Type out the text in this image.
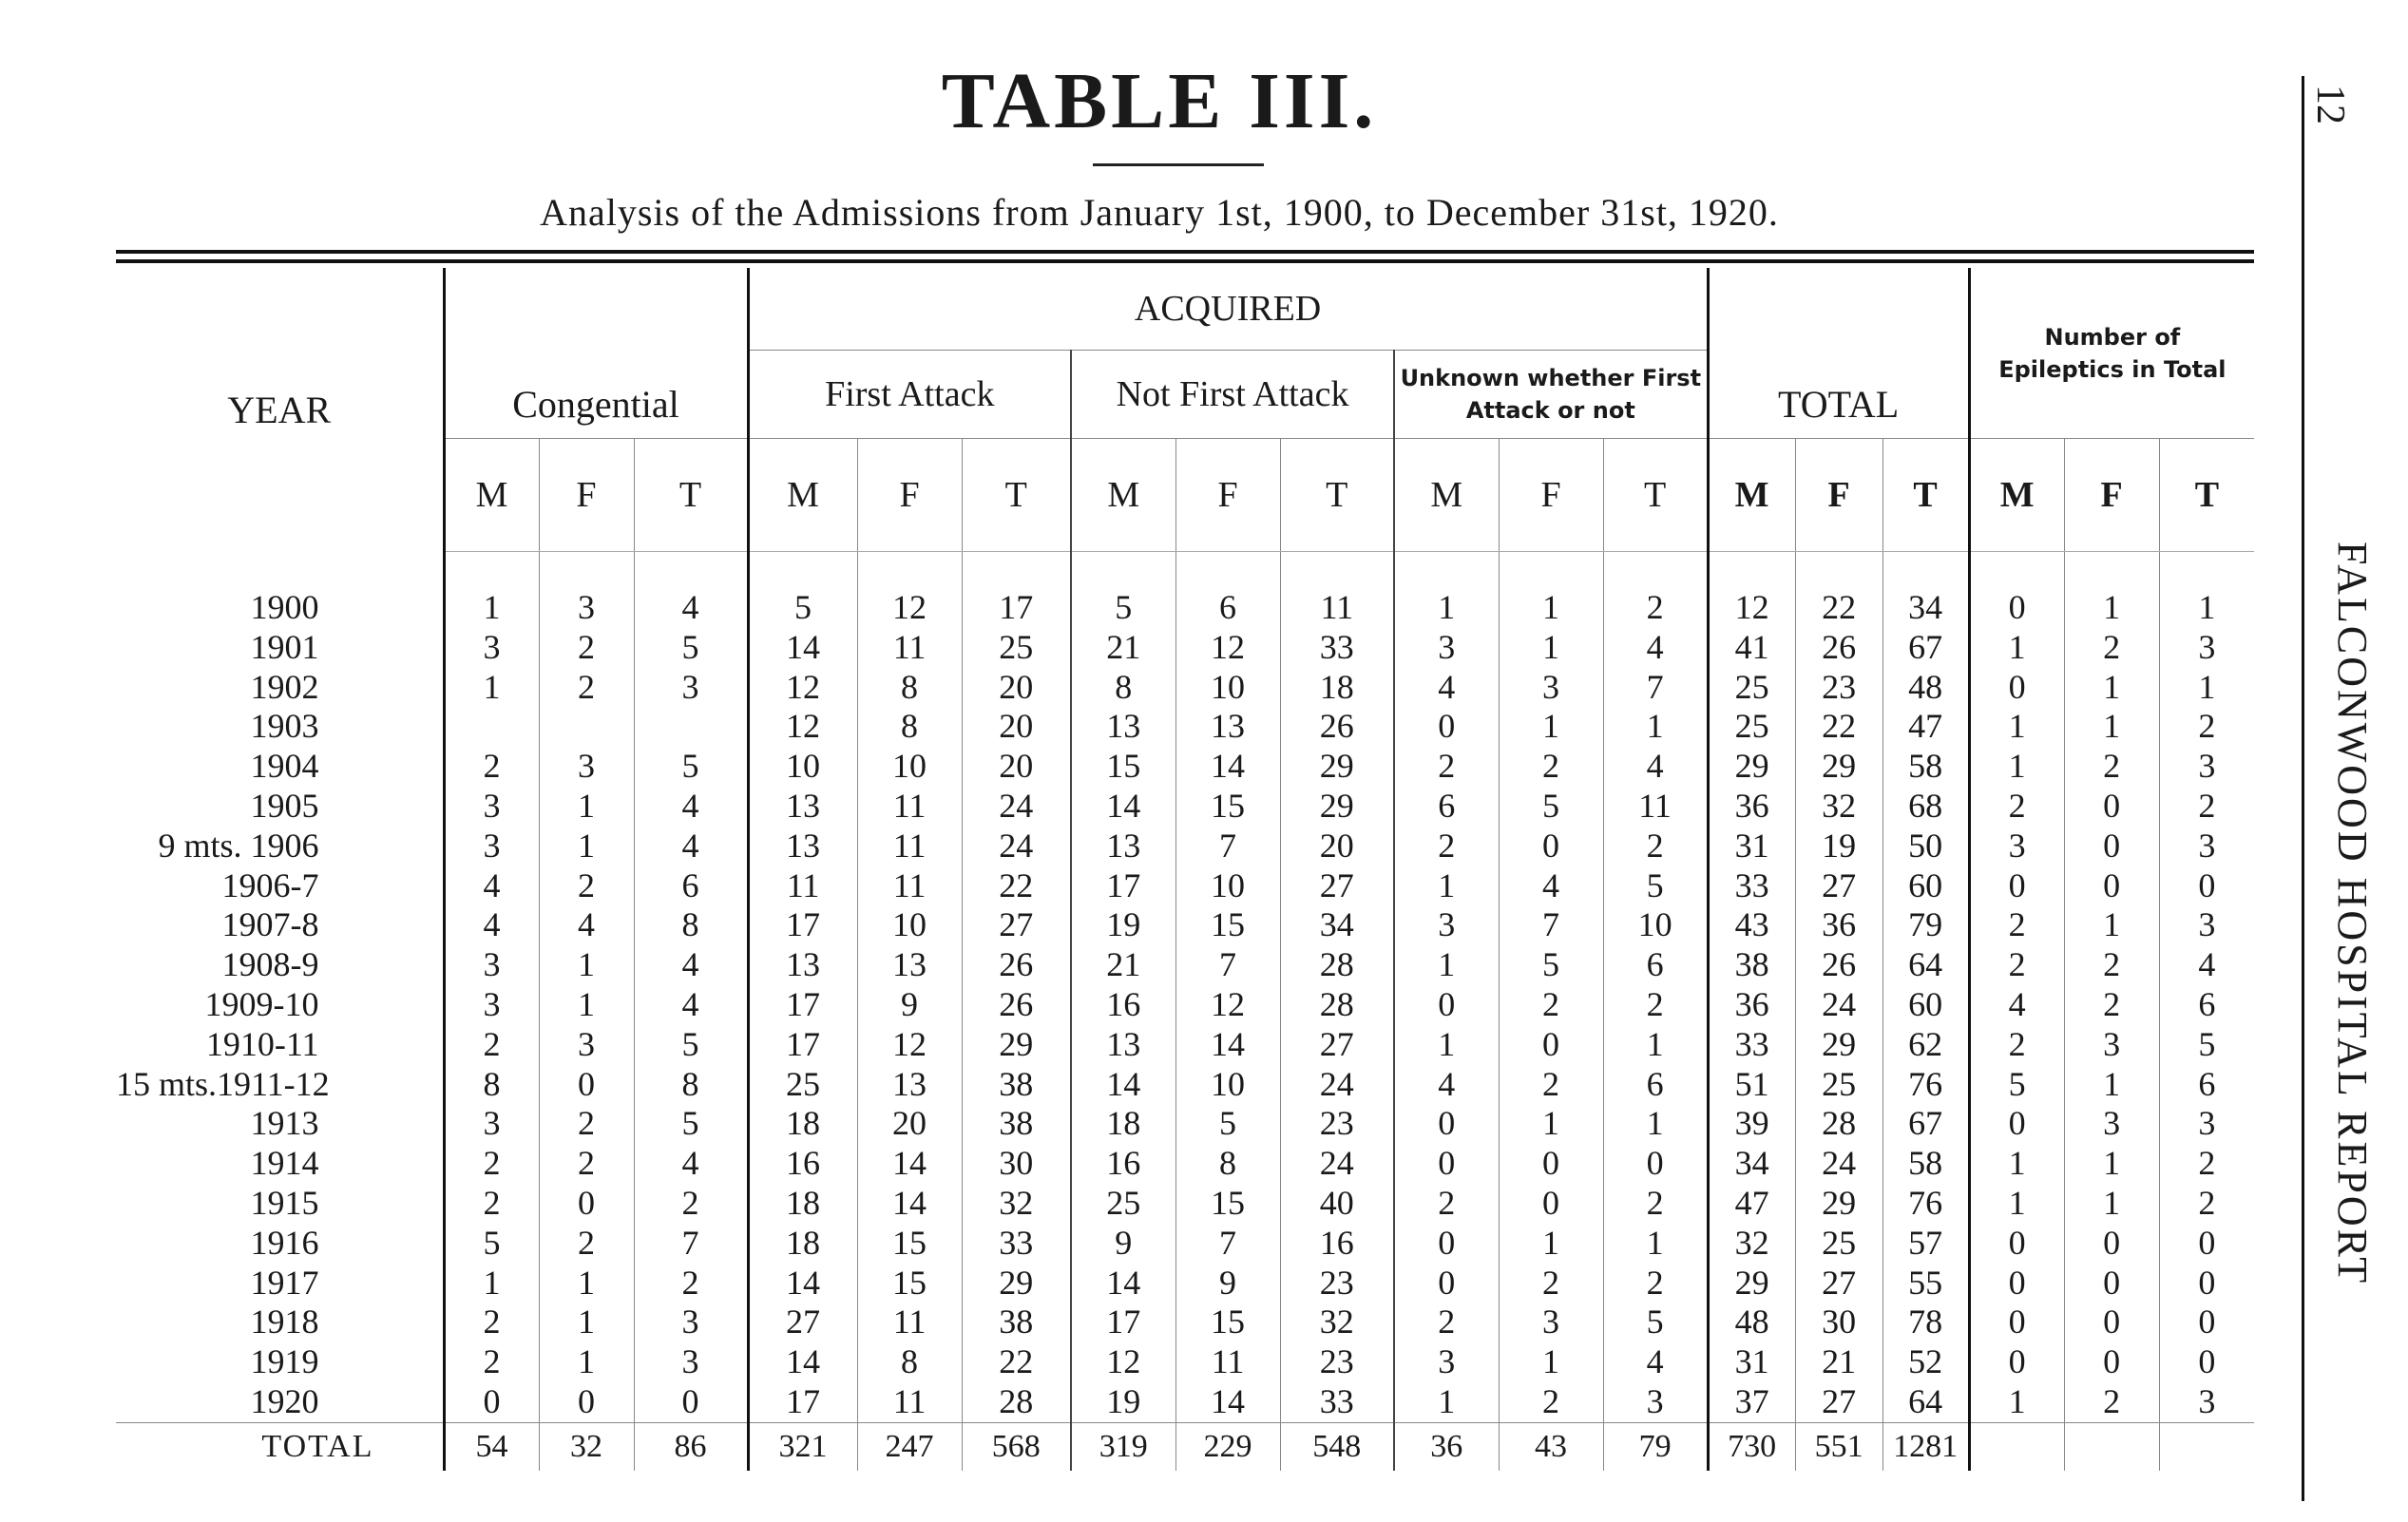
TABLE III.
Analysis of the Admissions from January 1st, 1900, to December 31st, 1920.
YEAR	Congential			ACQUIRED									TOTAL			Number of
Epileptics in Total		
				First Attack			Not First Attack			Unknown whether First
Attack or not								
	M	F	T	M	F	T	M	F	T	M	F	T	M	F	T	M	F	T
1900	1	3	4	5	12	17	5	6	11	1	1	2	12	22	34	0	1	1
1901	3	2	5	14	11	25	21	12	33	3	1	4	41	26	67	1	2	3
1902	1	2	3	12	8	20	8	10	18	4	3	7	25	23	48	0	1	1
1903				12	8	20	13	13	26	0	1	1	25	22	47	1	1	2
1904	2	3	5	10	10	20	15	14	29	2	2	4	29	29	58	1	2	3
1905	3	1	4	13	11	24	14	15	29	6	5	11	36	32	68	2	0	2
9 mts. 1906	3	1	4	13	11	24	13	7	20	2	0	2	31	19	50	3	0	3
1906-7	4	2	6	11	11	22	17	10	27	1	4	5	33	27	60	0	0	0
1907-8	4	4	8	17	10	27	19	15	34	3	7	10	43	36	79	2	1	3
1908-9	3	1	4	13	13	26	21	7	28	1	5	6	38	26	64	2	2	4
1909-10	3	1	4	17	9	26	16	12	28	0	2	2	36	24	60	4	2	6
1910-11	2	3	5	17	12	29	13	14	27	1	0	1	33	29	62	2	3	5
15 mts.1911-12	8	0	8	25	13	38	14	10	24	4	2	6	51	25	76	5	1	6
1913	3	2	5	18	20	38	18	5	23	0	1	1	39	28	67	0	3	3
1914	2	2	4	16	14	30	16	8	24	0	0	0	34	24	58	1	1	2
1915	2	0	2	18	14	32	25	15	40	2	0	2	47	29	76	1	1	2
1916	5	2	7	18	15	33	9	7	16	0	1	1	32	25	57	0	0	0
1917	1	1	2	14	15	29	14	9	23	0	2	2	29	27	55	0	0	0
1918	2	1	3	27	11	38	17	15	32	2	3	5	48	30	78	0	0	0
1919	2	1	3	14	8	22	12	11	23	3	1	4	31	21	52	0	0	0
1920	0	0	0	17	11	28	19	14	33	1	2	3	37	27	64	1	2	3
TOTAL	54	32	86	321	247	568	319	229	548	36	43	79	730	551	1281			
12
FALCONWOOD HOSPITAL REPORT
